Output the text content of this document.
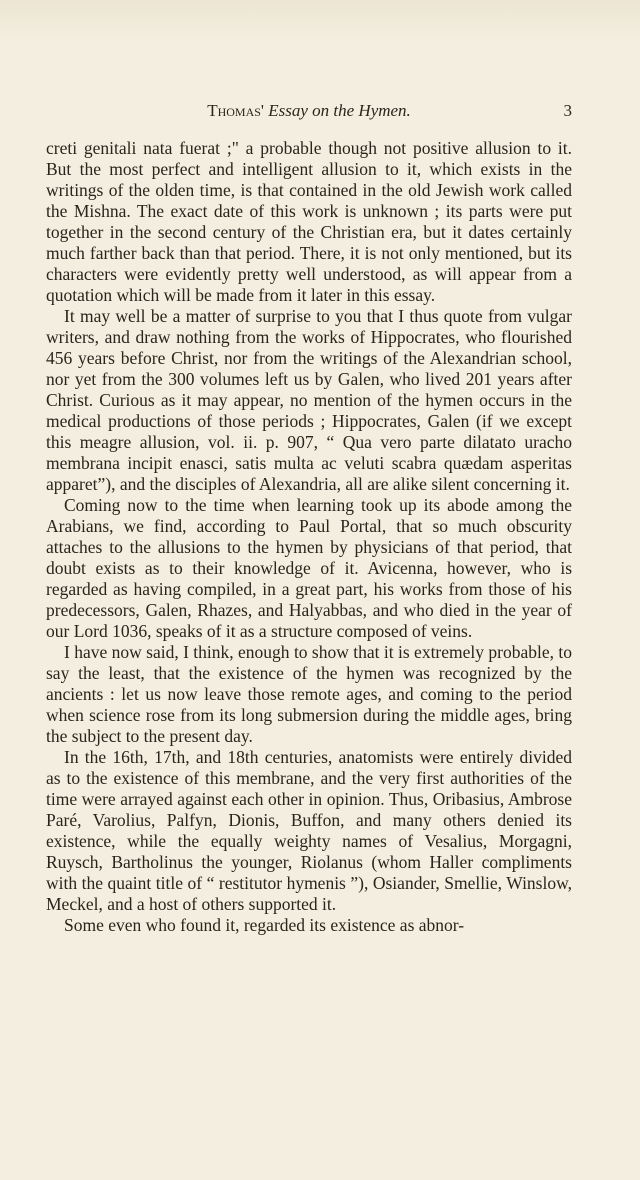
Thomas' Essay on the Hymen.	3

creti genitali nata fuerat ;" a probable though not positive allusion to it. But the most perfect and intelligent allusion to it, which exists in the writings of the olden time, is that contained in the old Jewish work called the Mishna. The exact date of this work is unknown ; its parts were put together in the second century of the Christian era, but it dates certainly much farther back than that period. There, it is not only mentioned, but its characters were evidently pretty well understood, as will appear from a quotation which will be made from it later in this essay.

It may well be a matter of surprise to you that I thus quote from vulgar writers, and draw nothing from the works of Hippocrates, who flourished 456 years before Christ, nor from the writings of the Alexandrian school, nor yet from the 300 volumes left us by Galen, who lived 201 years after Christ. Curious as it may appear, no mention of the hymen occurs in the medical productions of those periods ; Hippocrates, Galen (if we except this meagre allusion, vol. ii. p. 907, “ Qua vero parte dilatato uracho membrana incipit enasci, satis multa ac veluti scabra quædam asperitas apparet”), and the disciples of Alexandria, all are alike silent concerning it.

Coming now to the time when learning took up its abode among the Arabians, we find, according to Paul Portal, that so much obscurity attaches to the allusions to the hymen by physicians of that period, that doubt exists as to their knowledge of it. Avicenna, however, who is regarded as having compiled, in a great part, his works from those of his predecessors, Galen, Rhazes, and Halyabbas, and who died in the year of our Lord 1036, speaks of it as a structure composed of veins.

I have now said, I think, enough to show that it is extremely probable, to say the least, that the existence of the hymen was recognized by the ancients : let us now leave those remote ages, and coming to the period when science rose from its long submersion during the middle ages, bring the subject to the present day.

In the 16th, 17th, and 18th centuries, anatomists were entirely divided as to the existence of this membrane, and the very first authorities of the time were arrayed against each other in opinion. Thus, Oribasius, Ambrose Paré, Varolius, Palfyn, Dionis, Buffon, and many others denied its existence, while the equally weighty names of Vesalius, Morgagni, Ruysch, Bartholinus the younger, Riolanus (whom Haller compliments with the quaint title of “ restitutor hymenis ”), Osiander, Smellie, Winslow, Meckel, and a host of others supported it.

Some even who found it, regarded its existence as abnor-
